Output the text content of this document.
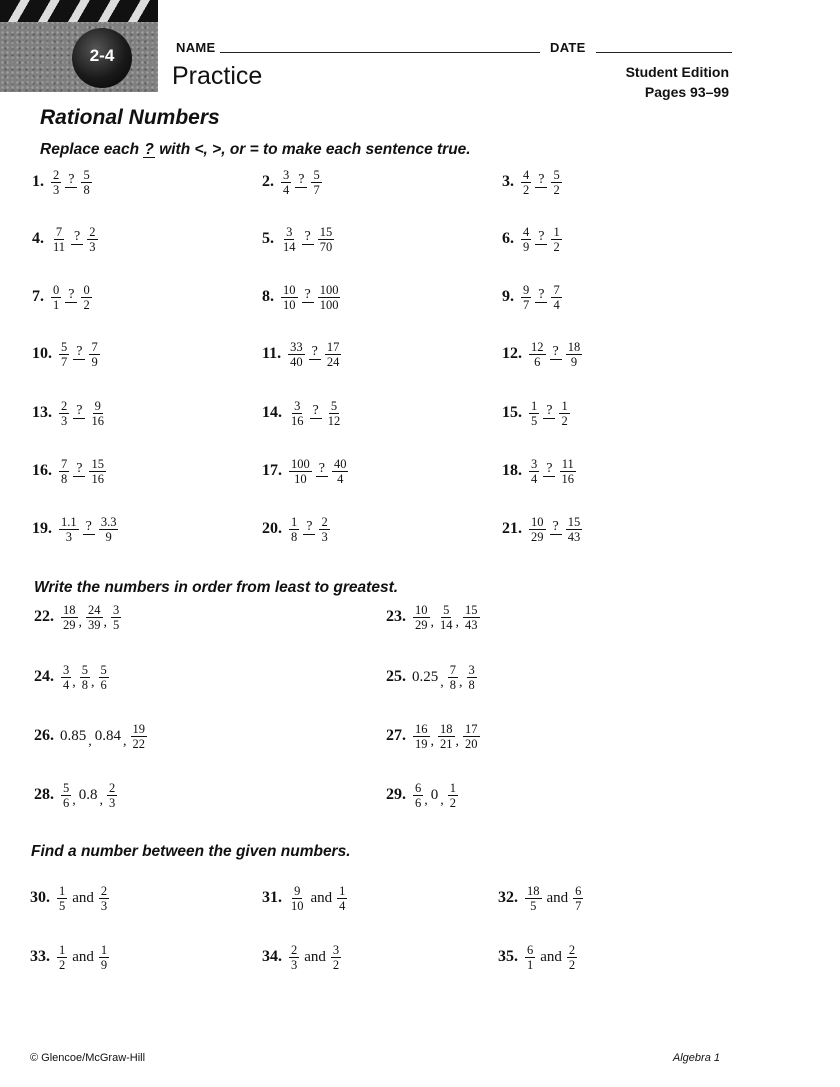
2-4	NAME	DATE
Practice	Student Edition
Pages 93–99
Rational Numbers
Replace each ? with <, >, or = to make each sentence true.
1. $\frac{2}{3}$ ? $\frac{5}{8}$	2. $\frac{3}{4}$ ? $\frac{5}{7}$	3. $\frac{4}{2}$ ? $\frac{5}{2}$
4. $\frac{7}{11}$ ? $\frac{2}{3}$	5. $\frac{3}{14}$ ? $\frac{15}{70}$	6. $\frac{4}{9}$ ? $\frac{1}{2}$
7. $\frac{0}{1}$ ? $\frac{0}{2}$	8. $\frac{10}{10}$ ? $\frac{100}{100}$	9. $\frac{9}{7}$ ? $\frac{7}{4}$
10. $\frac{5}{7}$ ? $\frac{7}{9}$	11. $\frac{33}{40}$ ? $\frac{17}{24}$	12. $\frac{12}{6}$ ? $\frac{18}{9}$
13. $\frac{2}{3}$ ? $\frac{9}{16}$	14. $\frac{3}{16}$ ? $\frac{5}{12}$	15. $\frac{1}{5}$ ? $\frac{1}{2}$
16. $\frac{7}{8}$ ? $\frac{15}{16}$	17. $\frac{100}{10}$ ? $\frac{40}{4}$	18. $\frac{3}{4}$ ? $\frac{11}{16}$
19. $\frac{1.1}{3}$ ? $\frac{3.3}{9}$	20. $\frac{1}{8}$ ? $\frac{2}{3}$	21. $\frac{10}{29}$ ? $\frac{15}{43}$
Write the numbers in order from least to greatest.
22. $\frac{18}{29}$ , $\frac{24}{39}$ , $\frac{3}{5}$	23. $\frac{10}{29}$ , $\frac{5}{14}$ , $\frac{15}{43}$
24. $\frac{3}{4}$ , $\frac{5}{8}$ , $\frac{5}{6}$	25. 0.25 , $\frac{7}{8}$ , $\frac{3}{8}$
26. 0.85 , 0.84 , $\frac{19}{22}$	27. $\frac{16}{19}$ , $\frac{18}{21}$ , $\frac{17}{20}$
28. $\frac{5}{6}$ , 0.8 , $\frac{2}{3}$	29. $\frac{6}{6}$ , 0 , $\frac{1}{2}$
Find a number between the given numbers.
30. $\frac{1}{5}$ and $\frac{2}{3}$	31. $\frac{9}{10}$ and $\frac{1}{4}$	32. $\frac{18}{5}$ and $\frac{6}{7}$
33. $\frac{1}{2}$ and $\frac{1}{9}$	34. $\frac{2}{3}$ and $\frac{3}{2}$	35. $\frac{6}{1}$ and $\frac{2}{2}$
© Glencoe/McGraw-Hill	Algebra 1
